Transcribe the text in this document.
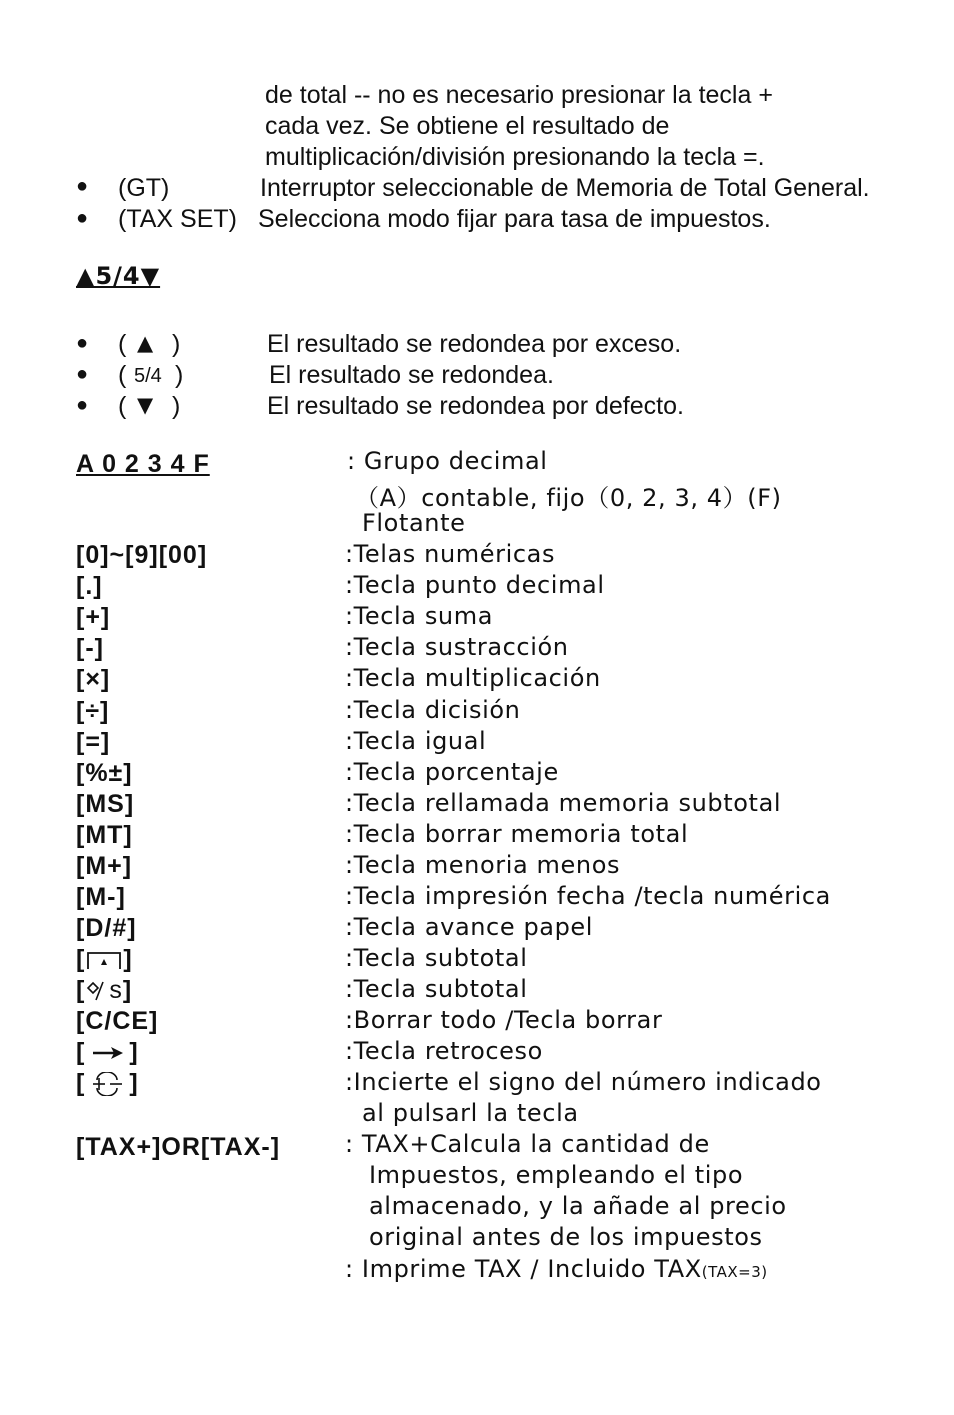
de total -- no es necesario presionar la tecla +
cada vez. Se obtiene el resultado de
multiplicación/división presionando la tecla =.
● (GT)	Interruptor seleccionable de Memoria de Total General.
● (TAX SET) Selecciona modo fijar para tasa de impuestos.
▲5/4▼
● ( ▲ )	El resultado se redondea por exceso.
● ( 5/4 )	El resultado se redondea.
● ( ▼ )	El resultado se redondea por defecto.
A 0 2 3 4 F	: Grupo decimal
（A）contable, fijo（0, 2, 3, 4）(F)
Flotante
[0]~[9][00]	:Telas numéricas
[.]	:Tecla punto decimal
[+]	:Tecla suma
[-]	:Tecla sustracción
[×]	:Tecla multiplicación
[÷]	:Tecla dicisión
[=]	:Tecla igual
[%±]	:Tecla porcentaje
[MS]	:Tecla rellamada memoria subtotal
[MT]	:Tecla borrar memoria total
[M+]	:Tecla menoria menos
[M-]	:Tecla impresión fecha /tecla numérica
[D/#]	:Tecla avance papel
[ ]	:Tecla subtotal
[ s]	:Tecla subtotal
[C/CE]	:Borrar todo /Tecla borrar
[ ]	:Tecla retroceso
[ ]	:Incierte el signo del número indicado
al pulsarl la tecla
[TAX+]OR[TAX-]	: TAX+Calcula la cantidad de
Impuestos, empleando el tipo
almacenado, y la añade al precio
original antes de los impuestos
: Imprime TAX / Incluido TAX(TAX=3)
